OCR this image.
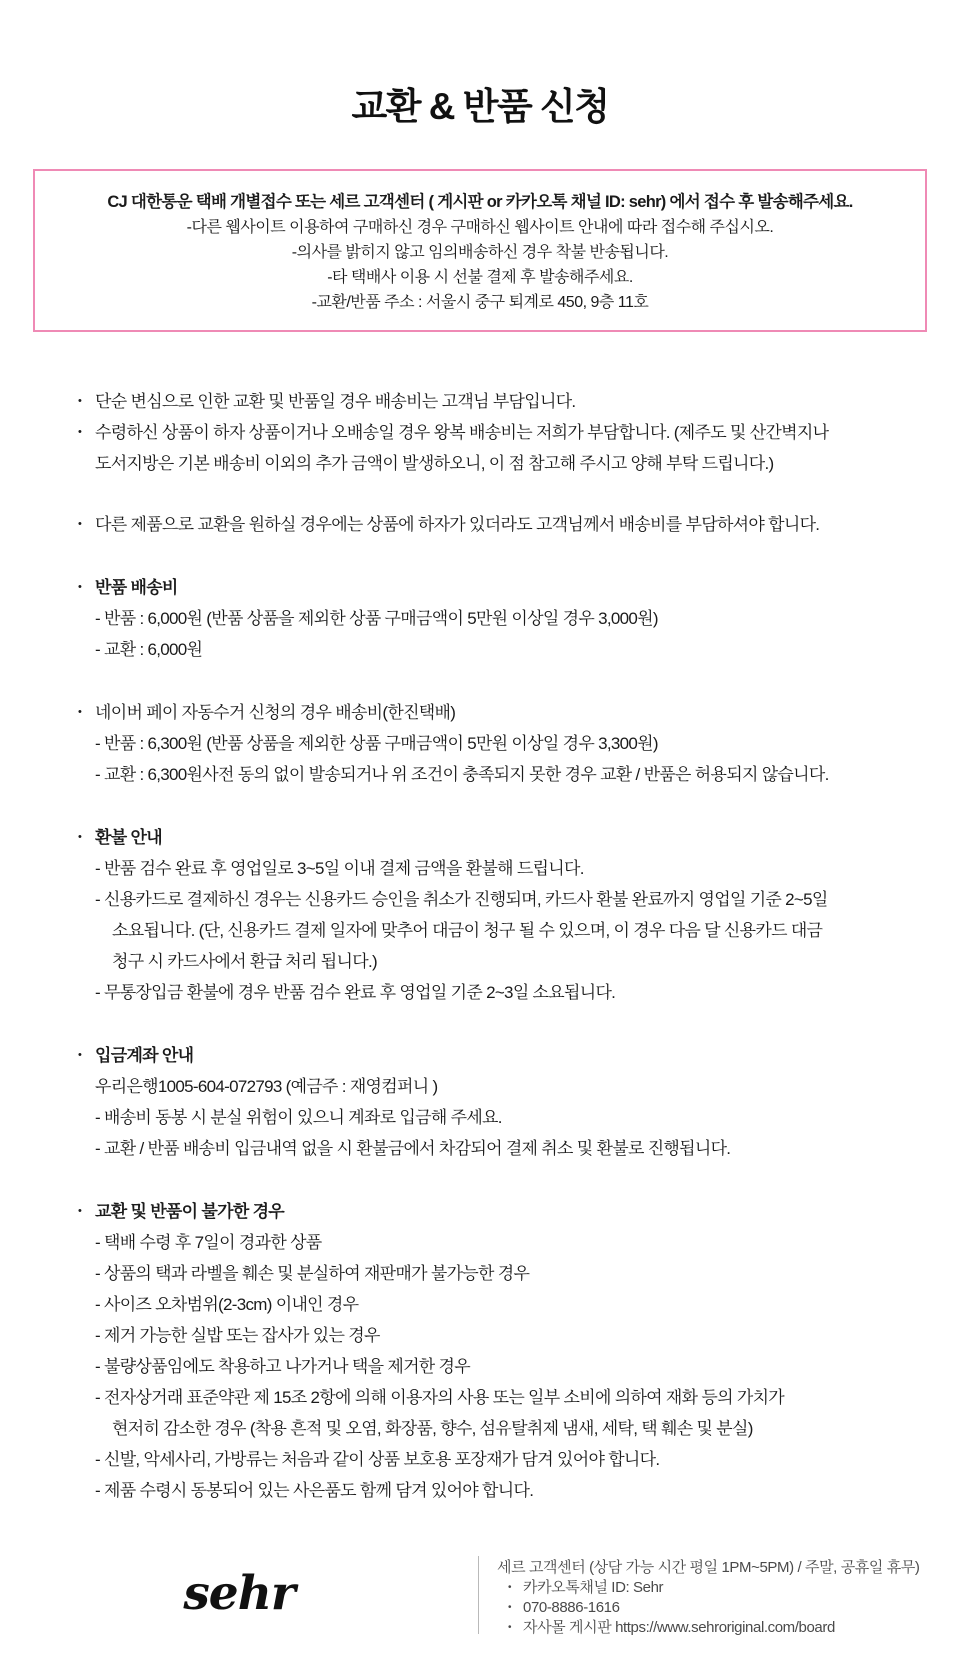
교환 & 반품 신청

CJ 대한통운 택배 개별접수 또는 세르 고객센터 ( 게시판 or 카카오톡 채널 ID: sehr) 에서 접수 후 발송해주세요.

-다른 웹사이트 이용하여 구매하신 경우 구매하신 웹사이트 안내에 따라 접수해 주십시오.

-의사를 밝히지 않고 임의배송하신 경우 착불 반송됩니다.

-타 택배사 이용 시 선불 결제 후 발송해주세요.

-교환/반품 주소 : 서울시 중구 퇴계로 450, 9층 11호

• 단순 변심으로 인한 교환 및 반품일 경우 배송비는 고객님 부담입니다.
• 수령하신 상품이 하자 상품이거나 오배송일 경우 왕복 배송비는 저희가 부담합니다. (제주도 및 산간벽지나

도서지방은 기본 배송비 이외의 추가 금액이 발생하오니, 이 점 참고해 주시고 양해 부탁 드립니다.)

• 다른 제품으로 교환을 원하실 경우에는 상품에 하자가 있더라도 고객님께서 배송비를 부담하셔야 합니다.
• 반품 배송비

- 반품 : 6,000원 (반품 상품을 제외한 상품 구매금액이 5만원 이상일 경우 3,000원)

- 교환 : 6,000원

• 네이버 페이 자동수거 신청의 경우 배송비(한진택배)

- 반품 : 6,300원 (반품 상품을 제외한 상품 구매금액이 5만원 이상일 경우 3,300원)

- 교환 : 6,300원사전 동의 없이 발송되거나 위 조건이 충족되지 못한 경우 교환 / 반품은 허용되지 않습니다.

• 환불 안내

- 반품 검수 완료 후 영업일로 3~5일 이내 결제 금액을 환불해 드립니다.

- 신용카드로 결제하신 경우는 신용카드 승인을 취소가 진행되며, 카드사 환불 완료까지 영업일 기준 2~5일

소요됩니다. (단, 신용카드 결제 일자에 맞추어 대금이 청구 될 수 있으며, 이 경우 다음 달 신용카드 대금

청구 시 카드사에서 환급 처리 됩니다.)

- 무통장입금 환불에 경우 반품 검수 완료 후 영업일 기준 2~3일 소요됩니다.

• 입금계좌 안내

우리은행1005-604-072793 (예금주 : 재영컴퍼니 )

- 배송비 동봉 시 분실 위험이 있으니 계좌로 입금해 주세요.

- 교환 / 반품 배송비 입금내역 없을 시 환불금에서 차감되어 결제 취소 및 환불로 진행됩니다.

• 교환 및 반품이 불가한 경우

- 택배 수령 후 7일이 경과한 상품

- 상품의 택과 라벨을 훼손 및 분실하여 재판매가 불가능한 경우

- 사이즈 오차범위(2-3cm) 이내인 경우

- 제거 가능한 실밥 또는 잡사가 있는 경우

- 불량상품임에도 착용하고 나가거나 택을 제거한 경우

- 전자상거래 표준약관 제 15조 2항에 의해 이용자의 사용 또는 일부 소비에 의하여 재화 등의 가치가

현저히 감소한 경우 (착용 흔적 및 오염, 화장품, 향수, 섬유탈취제 냄새, 세탁, 택 훼손 및 분실)

- 신발, 악세사리, 가방류는 처음과 같이 상품 보호용 포장재가 담겨 있어야 합니다.

- 제품 수령시 동봉되어 있는 사은품도 함께 담겨 있어야 합니다.

sehr	세르 고객센터 (상담 가능 시간 평일 1PM~5PM) / 주말, 공휴일 휴무)

• 카카오톡채널 ID: Sehr

• 070-8886-1616

• 자사몰 게시판 https://www.sehroriginal.com/board
